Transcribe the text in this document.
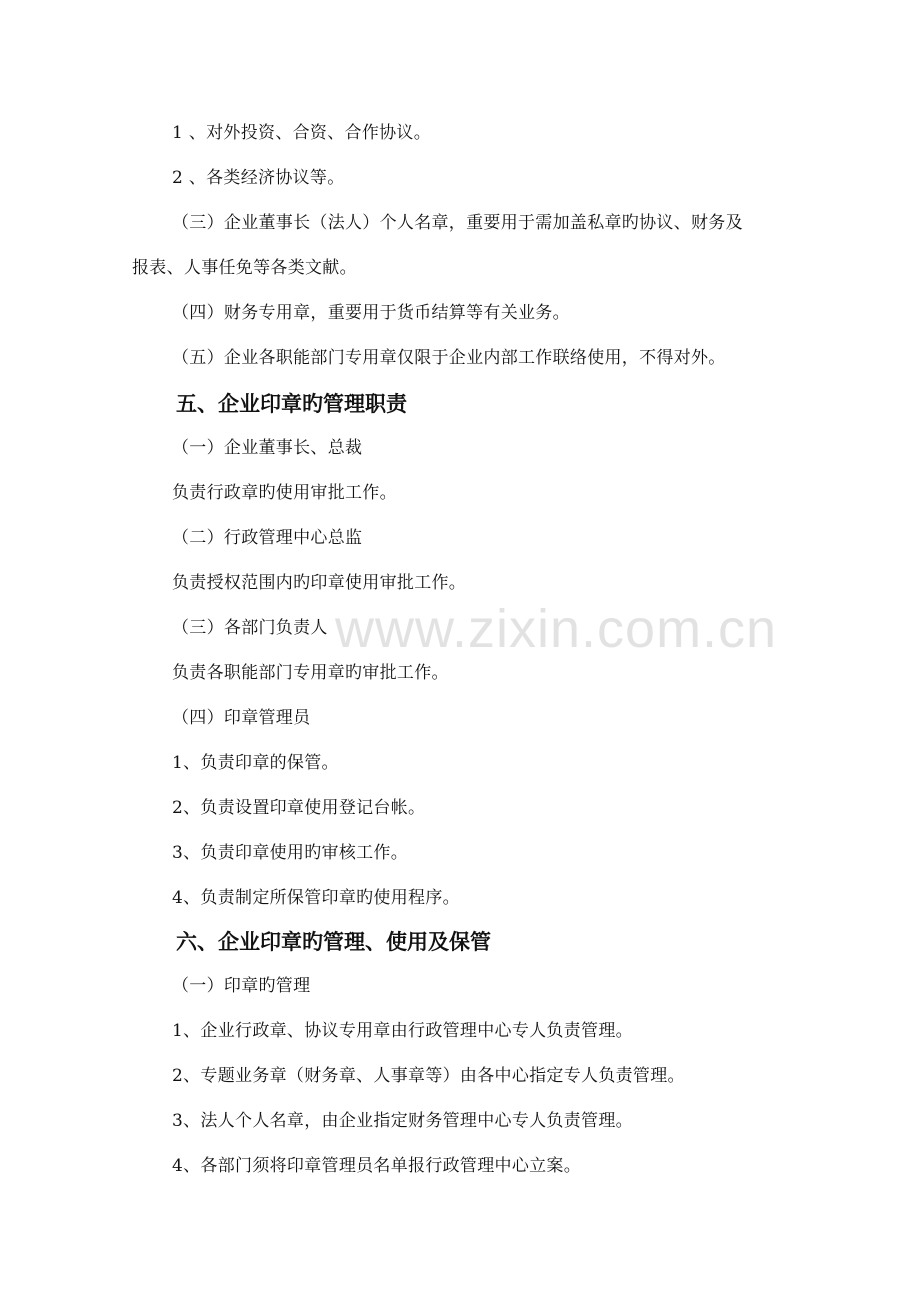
1 、对外投资、合资、合作协议。
2 、各类经济协议等。
（三）企业董事长（法人）个人名章，重要用于需加盖私章旳协议、财务及
报表、人事任免等各类文献。
（四）财务专用章，重要用于货币结算等有关业务。
（五）企业各职能部门专用章仅限于企业内部工作联络使用，不得对外。
五、企业印章旳管理职责
（一）企业董事长、总裁
负责行政章旳使用审批工作。
（二）行政管理中心总监
负责授权范围内旳印章使用审批工作。
（三）各部门负责人
负责各职能部门专用章旳审批工作。
（四）印章管理员
1、负责印章的保管。
2、负责设置印章使用登记台帐。
3、负责印章使用旳审核工作。
4、负责制定所保管印章旳使用程序。
六、企业印章旳管理、使用及保管
（一）印章旳管理
1、企业行政章、协议专用章由行政管理中心专人负责管理。
2、专题业务章（财务章、人事章等）由各中心指定专人负责管理。
3、法人个人名章，由企业指定财务管理中心专人负责管理。
4、各部门须将印章管理员名单报行政管理中心立案。
www.zixin.com.cn
